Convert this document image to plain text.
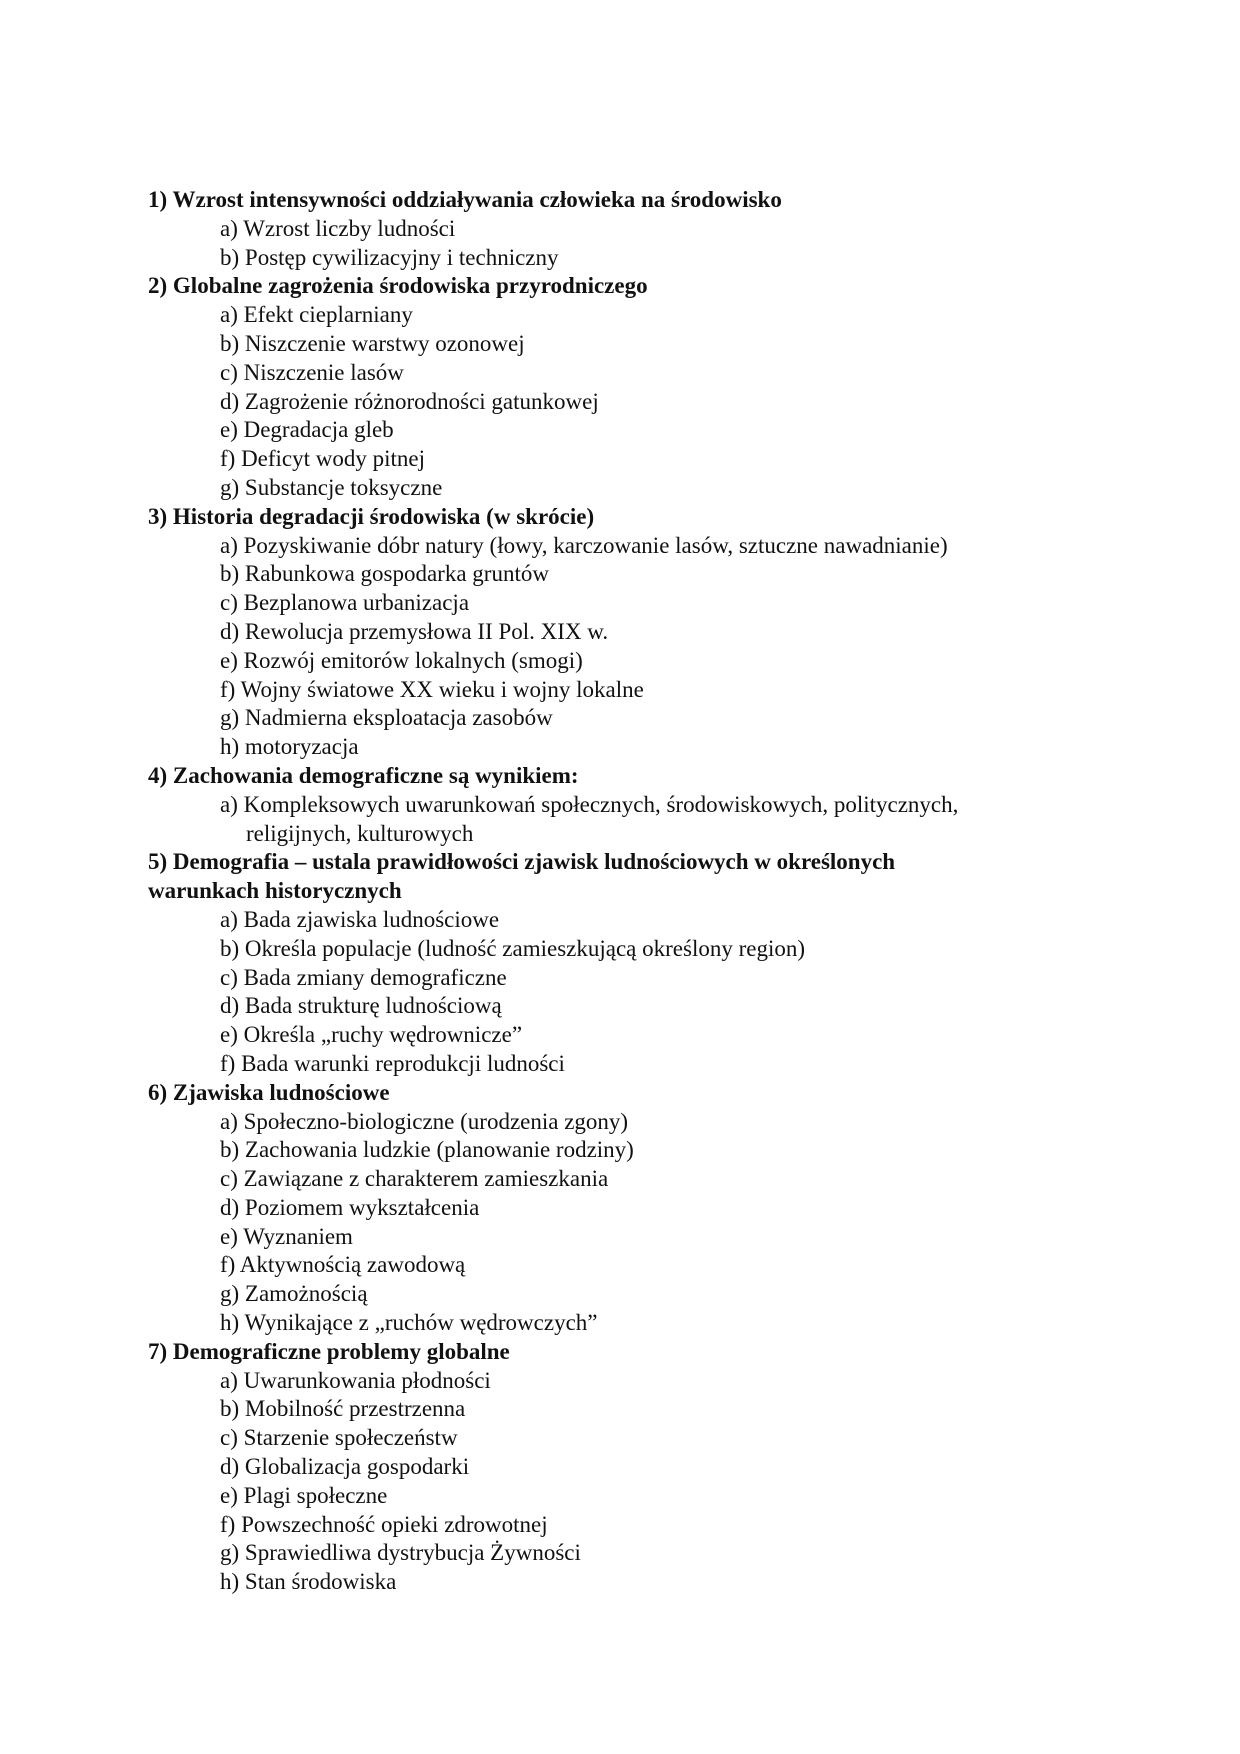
1) Wzrost intensywności oddziaływania człowieka na środowisko
a) Wzrost liczby ludności
b) Postęp cywilizacyjny i techniczny
2) Globalne zagrożenia środowiska przyrodniczego
a) Efekt cieplarniany
b) Niszczenie warstwy ozonowej
c) Niszczenie lasów
d) Zagrożenie różnorodności gatunkowej
e) Degradacja gleb
f) Deficyt wody pitnej
g) Substancje toksyczne
3) Historia degradacji środowiska (w skrócie)
a) Pozyskiwanie dóbr natury (łowy, karczowanie lasów, sztuczne nawadnianie)
b) Rabunkowa gospodarka gruntów
c) Bezplanowa urbanizacja
d) Rewolucja przemysłowa II Pol. XIX w.
e) Rozwój emitorów lokalnych (smogi)
f) Wojny światowe XX wieku i wojny lokalne
g) Nadmierna eksploatacja zasobów
h) motoryzacja
4) Zachowania demograficzne są wynikiem:
a) Kompleksowych uwarunkowań społecznych, środowiskowych, politycznych,
religijnych, kulturowych
5) Demografia – ustala prawidłowości zjawisk ludnościowych w określonych
warunkach historycznych
a) Bada zjawiska ludnościowe
b) Określa populacje (ludność zamieszkującą określony region)
c) Bada zmiany demograficzne
d) Bada strukturę ludnościową
e) Określa „ruchy wędrownicze”
f) Bada warunki reprodukcji ludności
6) Zjawiska ludnościowe
a) Społeczno-biologiczne (urodzenia zgony)
b) Zachowania ludzkie (planowanie rodziny)
c) Zawiązane z charakterem zamieszkania
d) Poziomem wykształcenia
e) Wyznaniem
f) Aktywnością zawodową
g) Zamożnością
h) Wynikające z „ruchów wędrowczych”
7) Demograficzne problemy globalne
a) Uwarunkowania płodności
b) Mobilność przestrzenna
c) Starzenie społeczeństw
d) Globalizacja gospodarki
e) Plagi społeczne
f) Powszechność opieki zdrowotnej
g) Sprawiedliwa dystrybucja Żywności
h) Stan środowiska
